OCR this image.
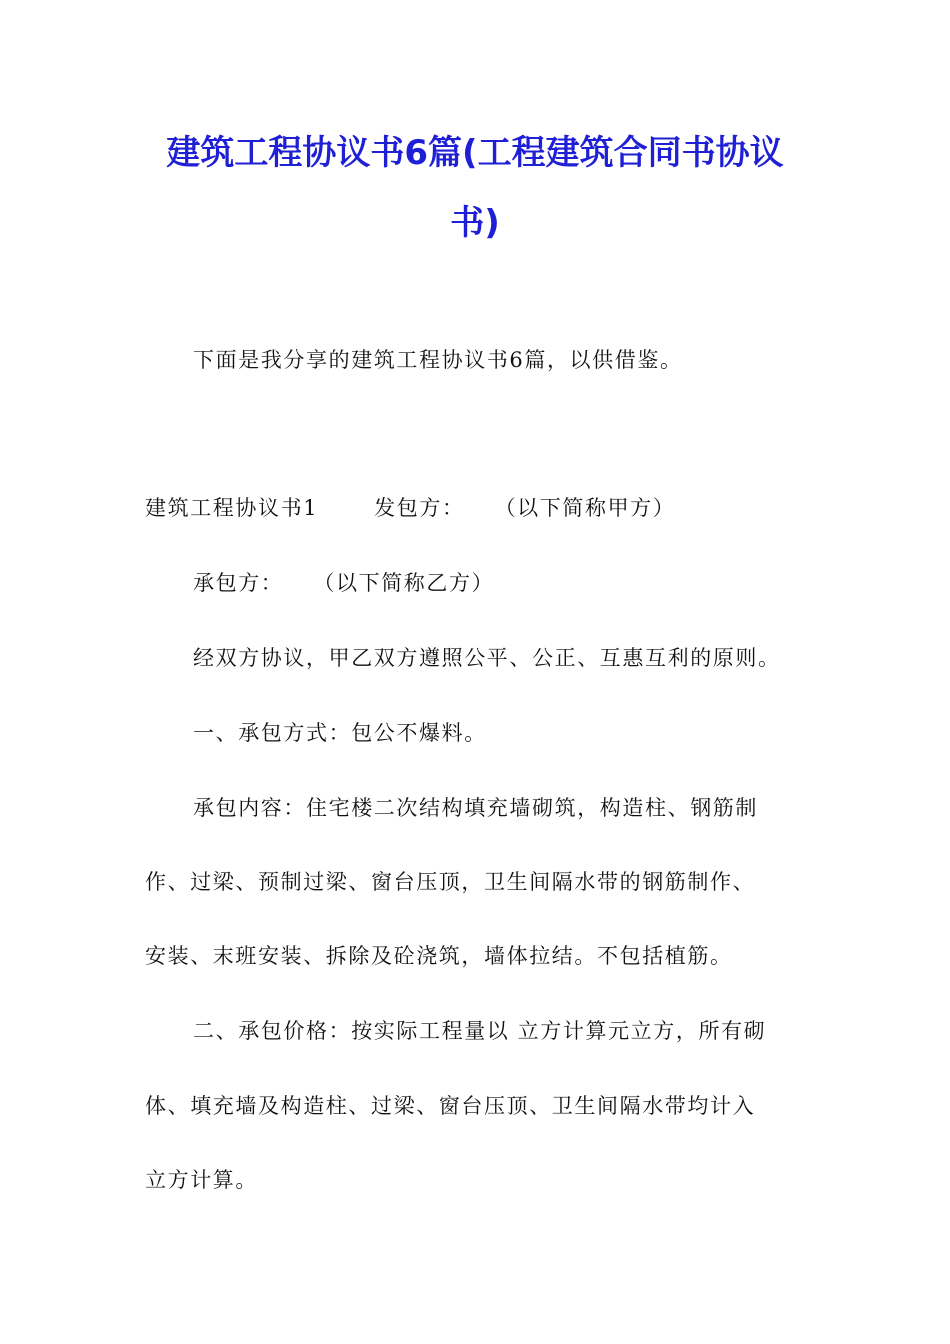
建筑工程协议书6篇(工程建筑合同书协议
书)

下面是我分享的建筑工程协议书6篇，以供借鉴。

建筑工程协议书1	发包方： （以下简称甲方）

承包方： （以下简称乙方）

经双方协议，甲乙双方遵照公平、公正、互惠互利的原则。

一、承包方式：包公不爆料。

承包内容：住宅楼二次结构填充墙砌筑，构造柱、钢筋制

作、过梁、预制过梁、窗台压顶，卫生间隔水带的钢筋制作、

安装、末班安装、拆除及砼浇筑，墙体拉结。不包括植筋。

二、承包价格：按实际工程量以 立方计算元立方，所有砌

体、填充墙及构造柱、过梁、窗台压顶、卫生间隔水带均计入

立方计算。
